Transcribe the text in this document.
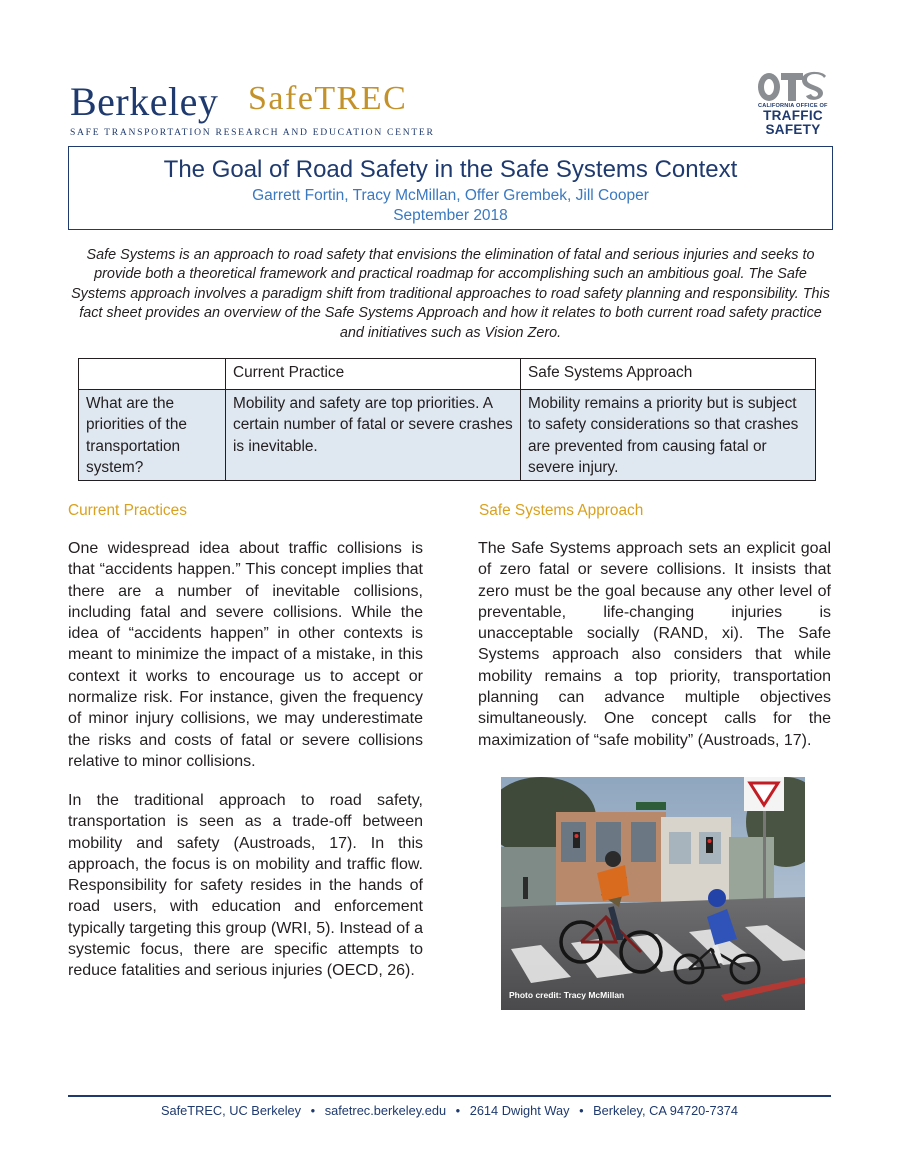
Berkeley SafeTREC
SAFE TRANSPORTATION RESEARCH AND EDUCATION CENTER
CALIFORNIA OFFICE OF
TRAFFIC
SAFETY
The Goal of Road Safety in the Safe Systems Context
Garrett Fortin, Tracy McMillan, Offer Grembek, Jill Cooper
September 2018

Safe Systems is an approach to road safety that envisions the elimination of fatal and serious injuries and seeks to provide both a theoretical framework and practical roadmap for accomplishing such an ambitious goal. The Safe Systems approach involves a paradigm shift from traditional approaches to road safety planning and responsibility. This fact sheet provides an overview of the Safe Systems Approach and how it relates to both current road safety practice and initiatives such as Vision Zero.

	Current Practice	Safe Systems Approach
What are the priorities of the transportation system?	Mobility and safety are top priorities. A certain number of fatal or severe crashes is inevitable.	Mobility remains a priority but is subject to safety considerations so that crashes are prevented from causing fatal or severe injury.
Current Practices	Safe Systems Approach

One widespread idea about traffic collisions is that “accidents happen.” This concept implies that there are a number of inevitable collisions, including fatal and severe collisions. While the idea of “accidents happen” in other contexts is meant to minimize the impact of a mistake, in this context it works to encourage us to accept or normalize risk. For instance, given the frequency of minor injury collisions, we may underestimate the risks and costs of fatal or severe collisions relative to minor collisions.

In the traditional approach to road safety, transportation is seen as a trade-off between mobility and safety (Austroads, 17). In this approach, the focus is on mobility and traffic flow. Responsibility for safety resides in the hands of road users, with education and enforcement typically targeting this group (WRI, 5). Instead of a systemic focus, there are specific attempts to reduce fatalities and serious injuries (OECD, 26).

The Safe Systems approach sets an explicit goal of zero fatal or severe collisions. It insists that zero must be the goal because any other level of preventable, life-changing injuries is unacceptable socially (RAND, xi). The Safe Systems approach also considers that while mobility remains a top priority, transportation planning can advance multiple objectives simultaneously. One concept calls for the maximization of “safe mobility” (Austroads, 17).

Photo credit: Tracy McMillan
SafeTREC, UC Berkeley • safetrec.berkeley.edu • 2614 Dwight Way • Berkeley, CA 94720-7374
